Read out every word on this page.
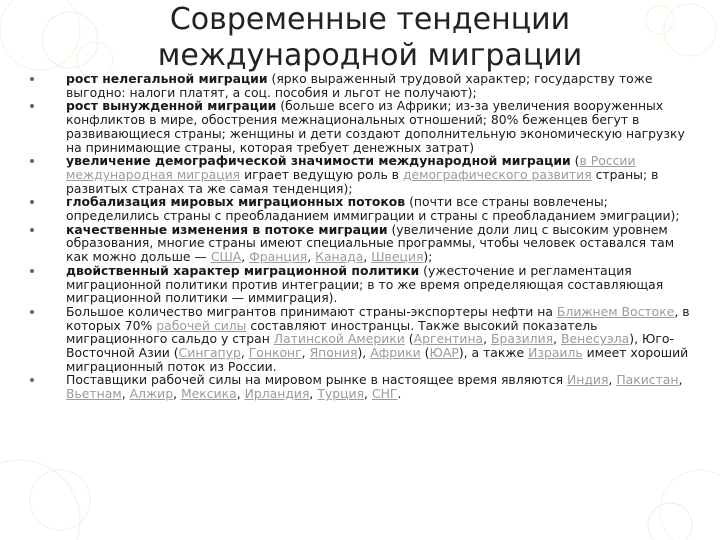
Современные тенденции
международной миграции
рост нелегальной миграции (ярко выраженный трудовой характер; государству тоже выгодно: налоги платят, а соц. пособия и льгот не получают);
рост вынужденной миграции (больше всего из Африки; из-за увеличения вооруженных конфликтов в мире, обострения межнациональных отношений; 80% беженцев бегут в развивающиеся страны; женщины и дети создают дополнительную экономическую нагрузку на принимающие страны, которая требует денежных затрат)
увеличение демографической значимости международной миграции (в России международная миграция играет ведущую роль в демографического развития страны; в развитых странах та же самая тенденция);
глобализация мировых миграционных потоков (почти все страны вовлечены; определились страны с преобладанием иммиграции и страны с преобладанием эмиграции);
качественные изменения в потоке миграции (увеличение доли лиц с высоким уровнем образования, многие страны имеют специальные программы, чтобы человек оставался там как можно дольше — США, Франция, Канада, Швеция);
двойственный характер миграционной политики (ужесточение и регламентация миграционной политики против интеграции; в то же время определяющая составляющая миграционной политики — иммиграция).
Большое количество мигрантов принимают страны-экспортеры нефти на Ближнем Востоке, в которых 70% рабочей силы составляют иностранцы. Также высокий показатель миграционного сальдо у стран Латинской Америки (Аргентина, Бразилия, Венесуэла), Юго-Восточной Азии (Сингапур, Гонконг, Япония), Африки (ЮАР), а также Израиль имеет хороший миграционный поток из России.
Поставщики рабочей силы на мировом рынке в настоящее время являются Индия, Пакистан, Вьетнам, Алжир, Мексика, Ирландия, Турция, СНГ.
